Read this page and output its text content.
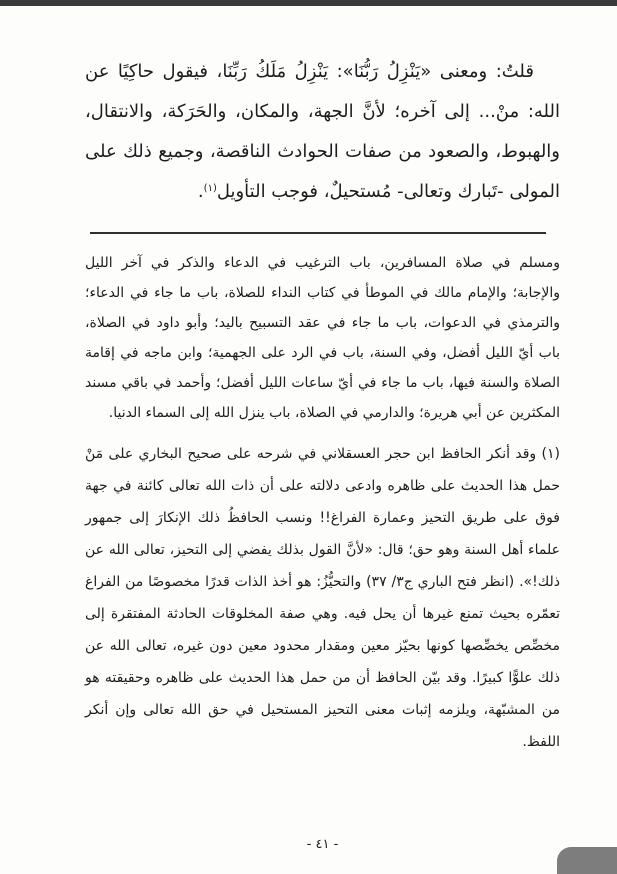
قلتُ: ومعنى «يَنْزِلُ رَبُّنَا»: يَنْزِلُ مَلَكُ رَبِّنَا، فيقول حاكِيًا عن الله: منْ... إلى آخره؛ لأنَّ الجهة، والمكان، والحَرَكة، والانتقال، والهبوط، والصعود من صفات الحوادث الناقصة، وجميع ذلك على المولى -تَبارك وتعالى- مُستحيلٌ، فوجب التأويل$^{(١)}$.

ومسلم في صلاة المسافرين، باب الترغيب في الدعاء والذكر في آخر الليل والإجابة؛ والإمام مالك في الموطأ في كتاب النداء للصلاة، باب ما جاء في الدعاء؛ والترمذي في الدعوات، باب ما جاء في عقد التسبيح باليد؛ وأبو داود في الصلاة، باب أيّ الليل أفضل، وفي السنة، باب في الرد على الجهمية؛ وابن ماجه في إقامة الصلاة والسنة فيها، باب ما جاء في أيّ ساعات الليل أفضل؛ وأحمد في باقي مسند المكثرين عن أبي هريرة؛ والدارمي في الصلاة، باب ينزل الله إلى السماء الدنيا.

(١) وقد أنكر الحافظ ابن حجر العسقلاني في شرحه على صحيح البخاري على مَنْ حمل هذا الحديث على ظاهره وادعى دلالته على أن ذات الله تعالى كائنة في جهة فوق على طريق التحيز وعمارة الفراغ!! ونسب الحافظُ ذلك الإنكارَ إلى جمهور علماء أهل السنة وهو حق؛ قال: «لأنَّ القول بذلك يفضي إلى التحيز، تعالى الله عن ذلك!». (انظر فتح الباري ج٣/ ٣٧) والتحيُّزُ: هو أخذ الذات قدرًا مخصوصًا من الفراغ تعمّره بحيث تمنع غيرها أن يحل فيه. وهي صفة المخلوقات الحادثة المفتقرة إلى مخصِّص يخصِّصها كونها بحيّز معين ومقدار محدود معين دون غيره، تعالى الله عن ذلك علوًّا كبيرًا. وقد بيّن الحافظ أن من حمل هذا الحديث على ظاهره وحقيقته هو من المشبّهة، ويلزمه إثبات معنى التحيز المستحيل في حق الله تعالى وإن أنكر اللفظ.

- ٤١ -
